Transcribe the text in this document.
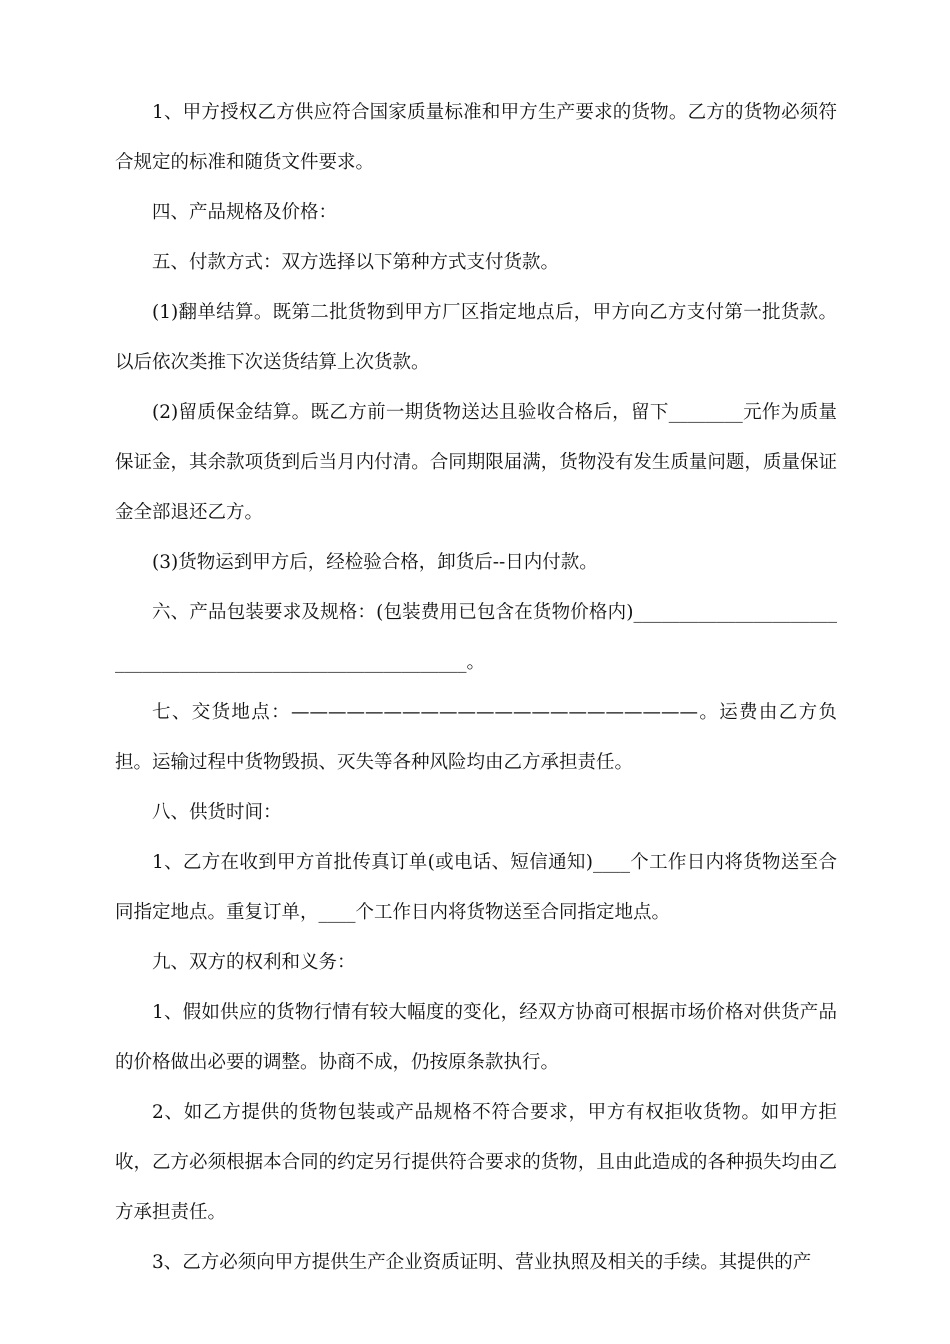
1、甲方授权乙方供应符合国家质量标准和甲方生产要求的货物。乙方的货物必须符合规定的标准和随货文件要求。

四、产品规格及价格：

五、付款方式：双方选择以下第种方式支付货款。

(1)翻单结算。既第二批货物到甲方厂区指定地点后，甲方向乙方支付第一批货款。以后依次类推下次送货结算上次货款。

(2)留质保金结算。既乙方前一期货物送达且验收合格后，留下________元作为质量保证金，其余款项货到后当月内付清。合同期限届满，货物没有发生质量问题，质量保证金全部退还乙方。

(3)货物运到甲方后，经检验合格，卸货后--日内付款。

六、产品包装要求及规格：(包装费用已包含在货物价格内)____________________________________________________________。

七、交货地点：——————————————————————。运费由乙方负担。运输过程中货物毁损、灭失等各种风险均由乙方承担责任。

八、供货时间：

1、乙方在收到甲方首批传真订单(或电话、短信通知)____个工作日内将货物送至合同指定地点。重复订单，____个工作日内将货物送至合同指定地点。

九、双方的权利和义务：

1、假如供应的货物行情有较大幅度的变化，经双方协商可根据市场价格对供货产品的价格做出必要的调整。协商不成，仍按原条款执行。

2、如乙方提供的货物包装或产品规格不符合要求，甲方有权拒收货物。如甲方拒收，乙方必须根据本合同的约定另行提供符合要求的货物，且由此造成的各种损失均由乙方承担责任。

3、乙方必须向甲方提供生产企业资质证明、营业执照及相关的手续。其提供的产
